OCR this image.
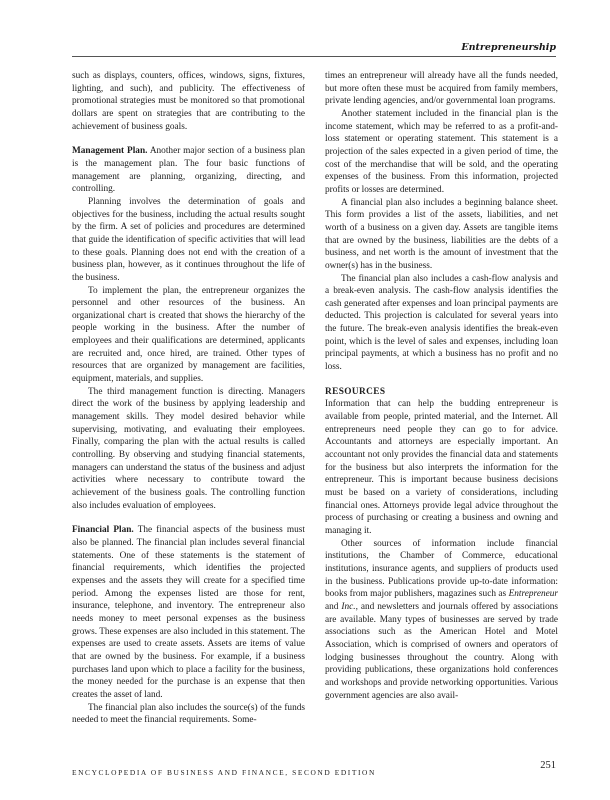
Entrepreneurship

such as displays, counters, offices, windows, signs, fixtures, lighting, and such), and publicity. The effectiveness of promotional strategies must be monitored so that promotional dollars are spent on strategies that are contributing to the achievement of business goals.

Management Plan. Another major section of a business plan is the management plan. The four basic functions of management are planning, organizing, directing, and controlling.

Planning involves the determination of goals and objectives for the business, including the actual results sought by the firm. A set of policies and procedures are determined that guide the identification of specific activities that will lead to these goals. Planning does not end with the creation of a business plan, however, as it continues throughout the life of the business.

To implement the plan, the entrepreneur organizes the personnel and other resources of the business. An organizational chart is created that shows the hierarchy of the people working in the business. After the number of employees and their qualifications are determined, applicants are recruited and, once hired, are trained. Other types of resources that are organized by management are facilities, equipment, materials, and supplies.

The third management function is directing. Managers direct the work of the business by applying leadership and management skills. They model desired behavior while supervising, motivating, and evaluating their employees. Finally, comparing the plan with the actual results is called controlling. By observing and studying financial statements, managers can understand the status of the business and adjust activities where necessary to contribute toward the achievement of the business goals. The controlling function also includes evaluation of employees.

Financial Plan. The financial aspects of the business must also be planned. The financial plan includes several financial statements. One of these statements is the statement of financial requirements, which identifies the projected expenses and the assets they will create for a specified time period. Among the expenses listed are those for rent, insurance, telephone, and inventory. The entrepreneur also needs money to meet personal expenses as the business grows. These expenses are also included in this statement. The expenses are used to create assets. Assets are items of value that are owned by the business. For example, if a business purchases land upon which to place a facility for the business, the money needed for the purchase is an expense that then creates the asset of land.

The financial plan also includes the source(s) of the funds needed to meet the financial requirements. Some-

times an entrepreneur will already have all the funds needed, but more often these must be acquired from family members, private lending agencies, and/or governmental loan programs.

Another statement included in the financial plan is the income statement, which may be referred to as a profit-and-loss statement or operating statement. This statement is a projection of the sales expected in a given period of time, the cost of the merchandise that will be sold, and the operating expenses of the business. From this information, projected profits or losses are determined.

A financial plan also includes a beginning balance sheet. This form provides a list of the assets, liabilities, and net worth of a business on a given day. Assets are tangible items that are owned by the business, liabilities are the debts of a business, and net worth is the amount of investment that the owner(s) has in the business.

The financial plan also includes a cash-flow analysis and a break-even analysis. The cash-flow analysis identifies the cash generated after expenses and loan principal payments are deducted. This projection is calculated for several years into the future. The break-even analysis identifies the break-even point, which is the level of sales and expenses, including loan principal payments, at which a business has no profit and no loss.

RESOURCES

Information that can help the budding entrepreneur is available from people, printed material, and the Internet. All entrepreneurs need people they can go to for advice. Accountants and attorneys are especially important. An accountant not only provides the financial data and statements for the business but also interprets the information for the entrepreneur. This is important because business decisions must be based on a variety of considerations, including financial ones. Attorneys provide legal advice throughout the process of purchasing or creating a business and owning and managing it.

Other sources of information include financial institutions, the Chamber of Commerce, educational institutions, insurance agents, and suppliers of products used in the business. Publications provide up-to-date information: books from major publishers, magazines such as Entrepreneur and Inc., and newsletters and journals offered by associations are available. Many types of businesses are served by trade associations such as the American Hotel and Motel Association, which is comprised of owners and operators of lodging businesses throughout the country. Along with providing publications, these organizations hold conferences and workshops and provide networking opportunities. Various government agencies are also avail-

ENCYCLOPEDIA OF BUSINESS AND FINANCE, SECOND EDITION
251
